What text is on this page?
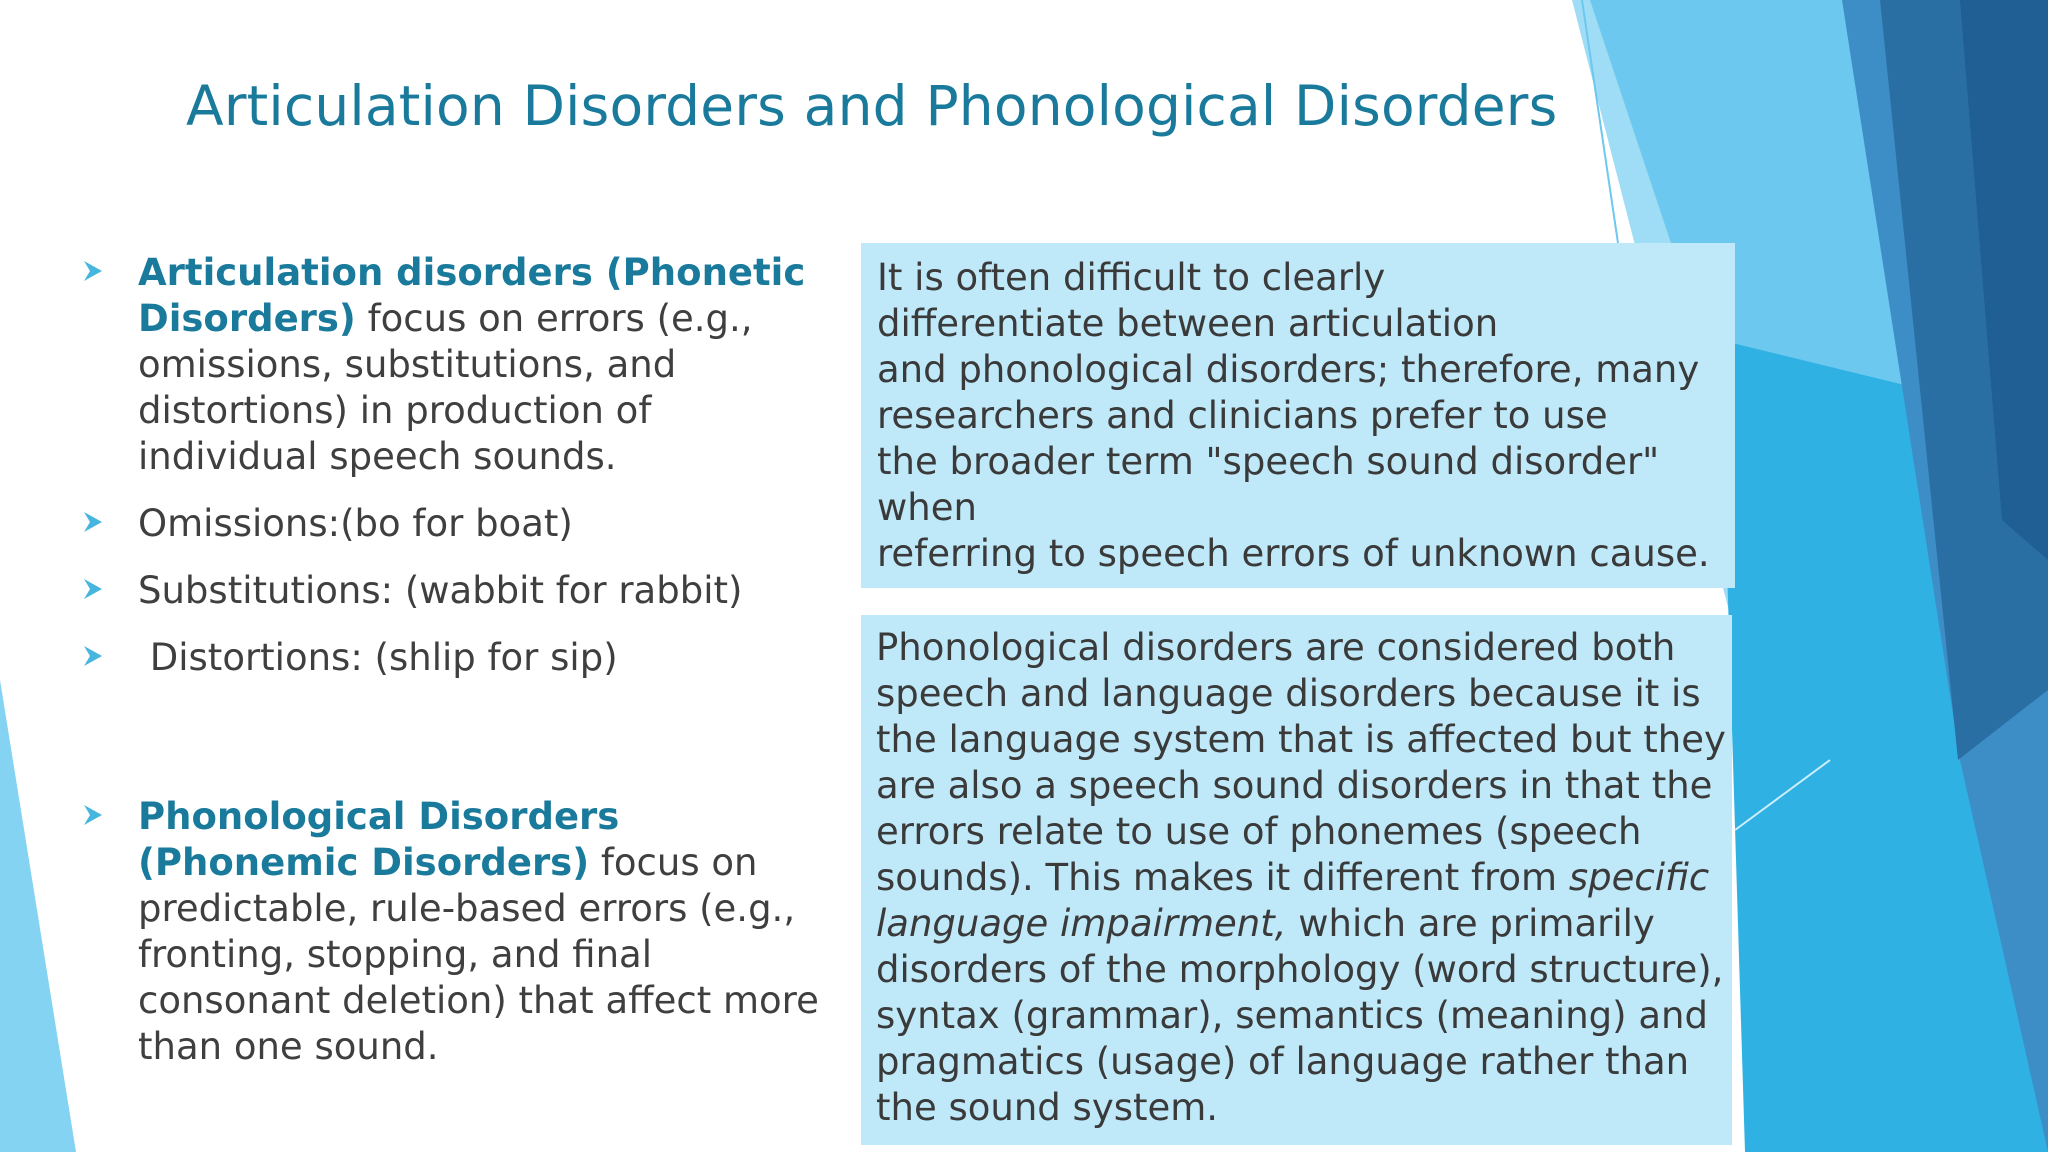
Articulation Disorders and Phonological Disorders
Articulation disorders (Phonetic Disorders) focus on errors (e.g., omissions, substitutions, and distortions) in production of individual speech sounds.
Omissions:(bo for boat)
Substitutions: (wabbit for rabbit)
Distortions: (shlip for sip)
Phonological Disorders (Phonemic Disorders) focus on predictable, rule-based errors (e.g., fronting, stopping, and final consonant deletion) that affect more than one sound.

It is often difficult to clearly

differentiate between articulation

and phonological disorders; therefore, many

researchers and clinicians prefer to use

the broader term "speech sound disorder" when

referring to speech errors of unknown cause.

Phonological disorders are considered both speech and language disorders because it is the language system that is affected but they are also a speech sound disorders in that the errors relate to use of phonemes (speech sounds). This makes it different from specific language impairment, which are primarily disorders of the morphology (word structure), syntax (grammar), semantics (meaning) and pragmatics (usage) of language rather than the sound system.
